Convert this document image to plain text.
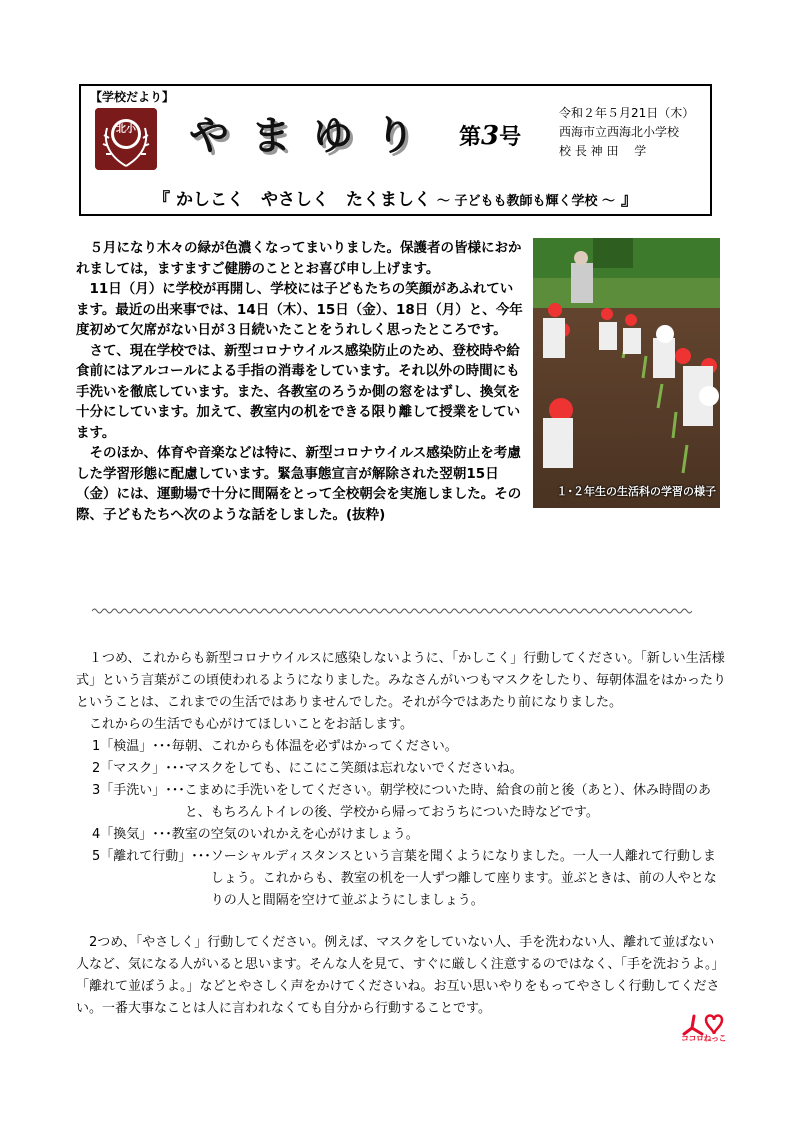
【学校だより】
北小 やまゆり 第3号
令和２年５月21日（木）
西海市立西海北小学校
校 長 神 田　 学
『 かしこく　やさしく　たくましく ～ 子どもも教師も輝く学校 ～ 』
１･２年生の生活科の学習の様子

５月になり木々の緑が色濃くなってまいりました。保護者の皆様におかれましては，ますますご健勝のこととお喜び申し上げます。

11日（月）に学校が再開し、学校には子どもたちの笑顔があふれています。最近の出来事では、14日（木）、15日（金）、18日（月）と、今年度初めて欠席がない日が３日続いたことをうれしく思ったところです。

さて、現在学校では、新型コロナウイルス感染防止のため、登校時や給食前にはアルコールによる手指の消毒をしています。それ以外の時間にも手洗いを徹底しています。また、各教室のろうか側の窓をはずし、換気を十分にしています。加えて、教室内の机をできる限り離して授業をしています。

そのほか、体育や音楽などは特に、新型コロナウイルス感染防止を考慮した学習形態に配慮しています。緊急事態宣言が解除された翌朝15日（金）には、運動場で十分に間隔をとって全校朝会を実施しました。その際、子どもたちへ次のような話をしました。(抜粋)

１つめ、これからも新型コロナウイルスに感染しないように、「かしこく」行動してください。「新しい生活様式」という言葉がこの頃使われるようになりました。みなさんがいつもマスクをしたり、毎朝体温をはかったりということは、これまでの生活ではありませんでした。それが今ではあたり前になりました。

これからの生活でも心がけてほしいことをお話します。

1「検温」･･･ 毎朝、これからも体温を必ずはかってください。
2「マスク」･･･ マスクをしても、にこにこ笑顔は忘れないでくださいね。
3「手洗い」･･･ こまめに手洗いをしてください。朝学校についた時、給食の前と後（あと）、休み時間のあと、もちろんトイレの後、学校から帰っておうちについた時などです。
4「換気」･･･ 教室の空気のいれかえを心がけましょう。
5「離れて行動」･･･ ソーシャルディスタンスという言葉を聞くようになりました。一人一人離れて行動しましょう。これからも、教室の机を一人ずつ離して座ります。並ぶときは、前の人やとなりの人と間隔を空けて並ぶようにしましょう。

2つめ、「やさしく」行動してください。例えば、マスクをしていない人、手を洗わない人、離れて並ばない人など、気になる人がいると思います。そんな人を見て、すぐに厳しく注意するのではなく、「手を洗おうよ。」「離れて並ぼうよ。」などとやさしく声をかけてくださいね。お互い思いやりをもってやさしく行動してください。一番大事なことは人に言われなくても自分から行動することです。

ココロねっこ
